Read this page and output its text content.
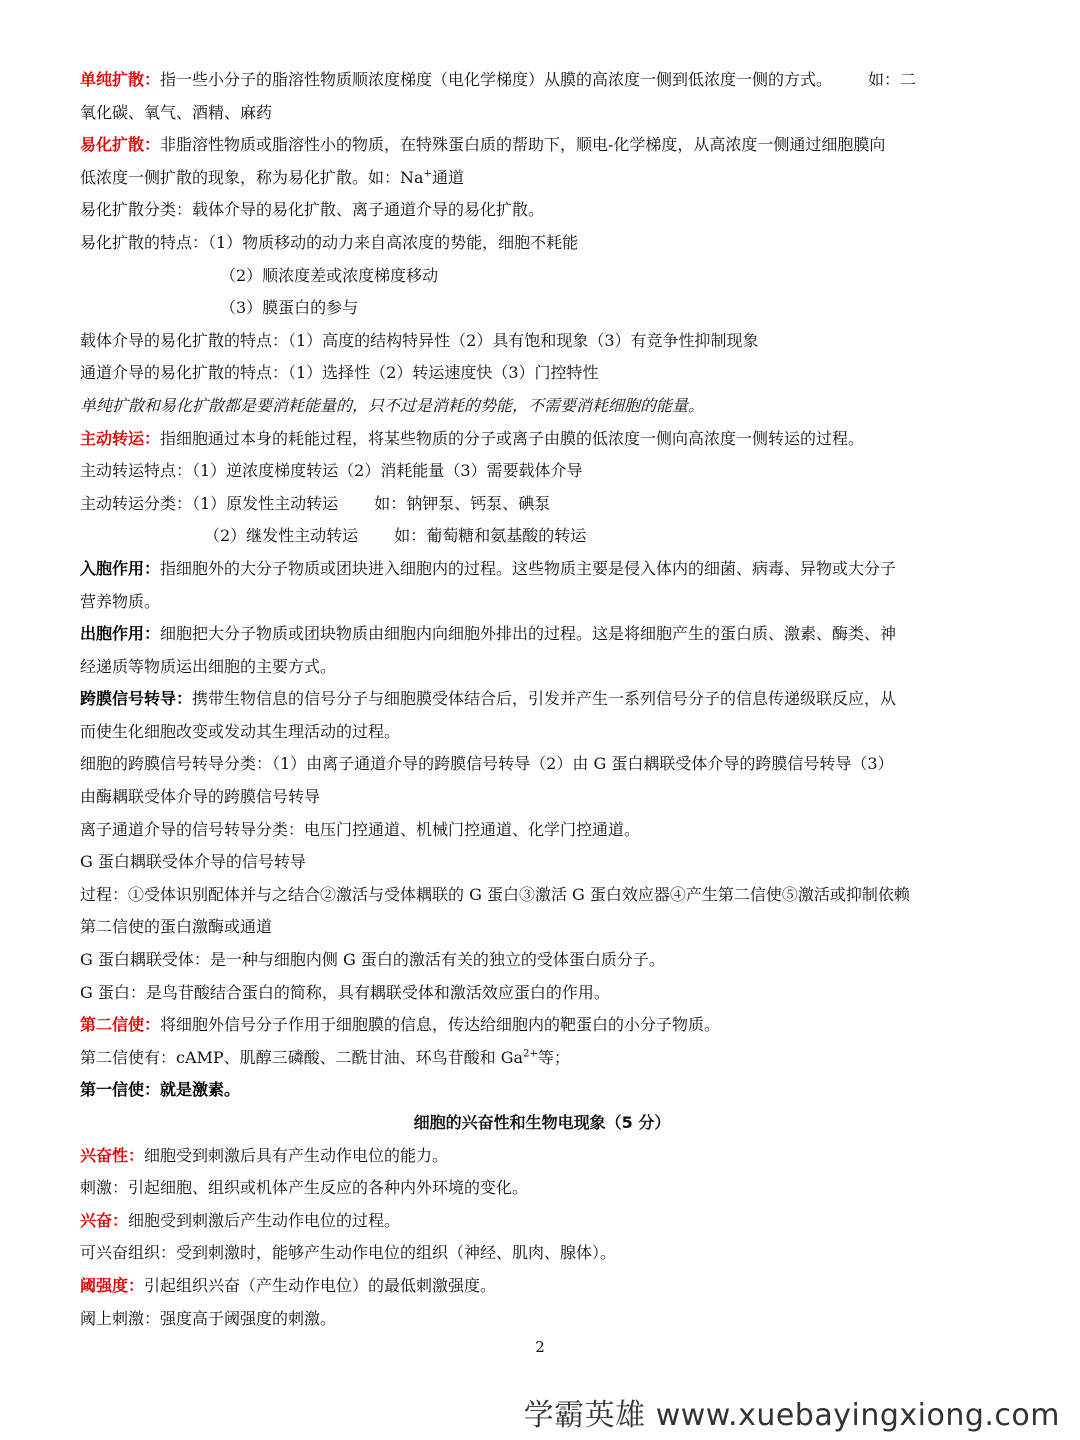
单纯扩散：指一些小分子的脂溶性物质顺浓度梯度（电化学梯度）从膜的高浓度一侧到低浓度一侧的方式。 如：二

氧化碳、氧气、酒精、麻药

易化扩散：非脂溶性物质或脂溶性小的物质，在特殊蛋白质的帮助下，顺电-化学梯度，从高浓度一侧通过细胞膜向

低浓度一侧扩散的现象，称为易化扩散。如：Na+通道

易化扩散分类：载体介导的易化扩散、离子通道介导的易化扩散。

易化扩散的特点：（1）物质移动的动力来自高浓度的势能，细胞不耗能

（2）顺浓度差或浓度梯度移动

（3）膜蛋白的参与

载体介导的易化扩散的特点：（1）高度的结构特异性（2）具有饱和现象（3）有竞争性抑制现象

通道介导的易化扩散的特点：（1）选择性（2）转运速度快（3）门控特性

单纯扩散和易化扩散都是要消耗能量的，只不过是消耗的势能，不需要消耗细胞的能量。

主动转运：指细胞通过本身的耗能过程，将某些物质的分子或离子由膜的低浓度一侧向高浓度一侧转运的过程。

主动转运特点：（1）逆浓度梯度转运（2）消耗能量（3）需要载体介导

主动转运分类：（1）原发性主动转运 如：钠钾泵、钙泵、碘泵

（2）继发性主动转运 如：葡萄糖和氨基酸的转运

入胞作用：指细胞外的大分子物质或团块进入细胞内的过程。这些物质主要是侵入体内的细菌、病毒、异物或大分子

营养物质。

出胞作用：细胞把大分子物质或团块物质由细胞内向细胞外排出的过程。这是将细胞产生的蛋白质、激素、酶类、神

经递质等物质运出细胞的主要方式。

跨膜信号转导：携带生物信息的信号分子与细胞膜受体结合后，引发并产生一系列信号分子的信息传递级联反应，从

而使生化细胞改变或发动其生理活动的过程。

细胞的跨膜信号转导分类：（1）由离子通道介导的跨膜信号转导（2）由 G 蛋白耦联受体介导的跨膜信号转导（3）

由酶耦联受体介导的跨膜信号转导

离子通道介导的信号转导分类：电压门控通道、机械门控通道、化学门控通道。

G 蛋白耦联受体介导的信号转导

过程：①受体识别配体并与之结合②激活与受体耦联的 G 蛋白③激活 G 蛋白效应器④产生第二信使⑤激活或抑制依赖

第二信使的蛋白激酶或通道

G 蛋白耦联受体：是一种与细胞内侧 G 蛋白的激活有关的独立的受体蛋白质分子。

G 蛋白：是鸟苷酸结合蛋白的简称，具有耦联受体和激活效应蛋白的作用。

第二信使：将细胞外信号分子作用于细胞膜的信息，传达给细胞内的靶蛋白的小分子物质。

第二信使有：cAMP、肌醇三磷酸、二酰甘油、环鸟苷酸和 $Ga^{2+}$等；

第一信使：就是激素。

细胞的兴奋性和生物电现象（5 分）

兴奋性：细胞受到刺激后具有产生动作电位的能力。

刺激：引起细胞、组织或机体产生反应的各种内外环境的变化。

兴奋：细胞受到刺激后产生动作电位的过程。

可兴奋组织：受到刺激时，能够产生动作电位的组织（神经、肌肉、腺体）。

阈强度：引起组织兴奋（产生动作电位）的最低刺激强度。

阈上刺激：强度高于阈强度的刺激。

2
学霸英雄 www.xuebayingxiong.com
